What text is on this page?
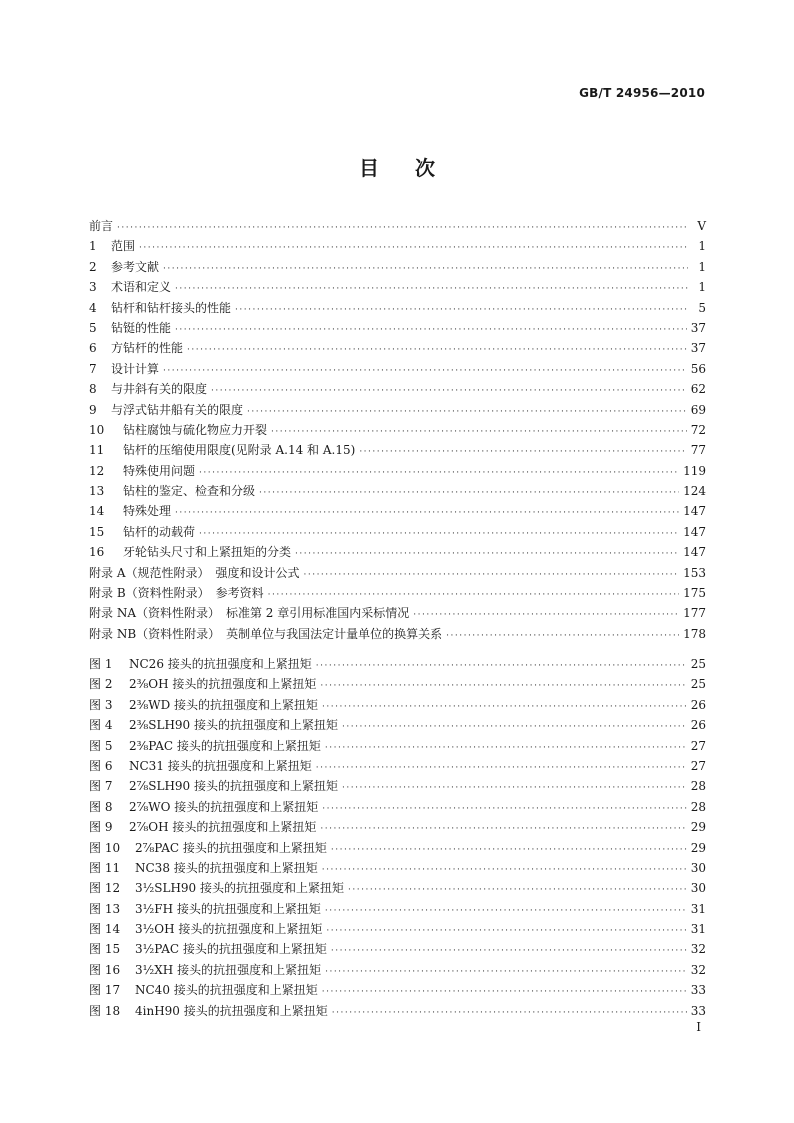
GB/T 24956—2010
目次
前言 ·····	V
1	范围 ·····	1
2	参考文献 ·····	1
3	术语和定义 ·····	1
4	钻杆和钻杆接头的性能 ·····	5
5	钻铤的性能 ·····	37
6	方钻杆的性能 ·····	37
7	设计计算 ·····	56
8	与井斜有关的限度 ·····	62
9	与浮式钻井船有关的限度 ·····	69
10	钻柱腐蚀与硫化物应力开裂 ·····	72
11	钻杆的压缩使用限度(见附录 A.14 和 A.15) ·····	77
12	特殊使用问题 ·····	119
13	钻柱的鉴定、检查和分级 ·····	124
14	特殊处理 ·····	147
15	钻杆的动载荷 ·····	147
16	牙轮钻头尺寸和上紧扭矩的分类 ·····	147
附录 A（规范性附录）　强度和设计公式 ·····	153
附录 B（资料性附录）　参考资料 ·····	175
附录 NA（资料性附录）　标准第 2 章引用标准国内采标情况 ·····	177
附录 NB（资料性附录）　英制单位与我国法定计量单位的换算关系 ·····	178
图 1	NC26 接头的抗扭强度和上紧扭矩 ·····	25
图 2	2⅜OH 接头的抗扭强度和上紧扭矩 ·····	25
图 3	2⅜WD 接头的抗扭强度和上紧扭矩 ·····	26
图 4	2⅜SLH90 接头的抗扭强度和上紧扭矩 ·····	26
图 5	2⅜PAC 接头的抗扭强度和上紧扭矩 ·····	27
图 6	NC31 接头的抗扭强度和上紧扭矩 ·····	27
图 7	2⅞SLH90 接头的抗扭强度和上紧扭矩 ·····	28
图 8	2⅞WO 接头的抗扭强度和上紧扭矩 ·····	28
图 9	2⅞OH 接头的抗扭强度和上紧扭矩 ·····	29
图 10	2⅞PAC 接头的抗扭强度和上紧扭矩 ·····	29
图 11	NC38 接头的抗扭强度和上紧扭矩 ·····	30
图 12	3½SLH90 接头的抗扭强度和上紧扭矩 ·····	30
图 13	3½FH 接头的抗扭强度和上紧扭矩 ·····	31
图 14	3½OH 接头的抗扭强度和上紧扭矩 ·····	31
图 15	3½PAC 接头的抗扭强度和上紧扭矩 ·····	32
图 16	3½XH 接头的抗扭强度和上紧扭矩 ·····	32
图 17	NC40 接头的抗扭强度和上紧扭矩 ·····	33
图 18	4inH90 接头的抗扭强度和上紧扭矩 ·····	33
I
